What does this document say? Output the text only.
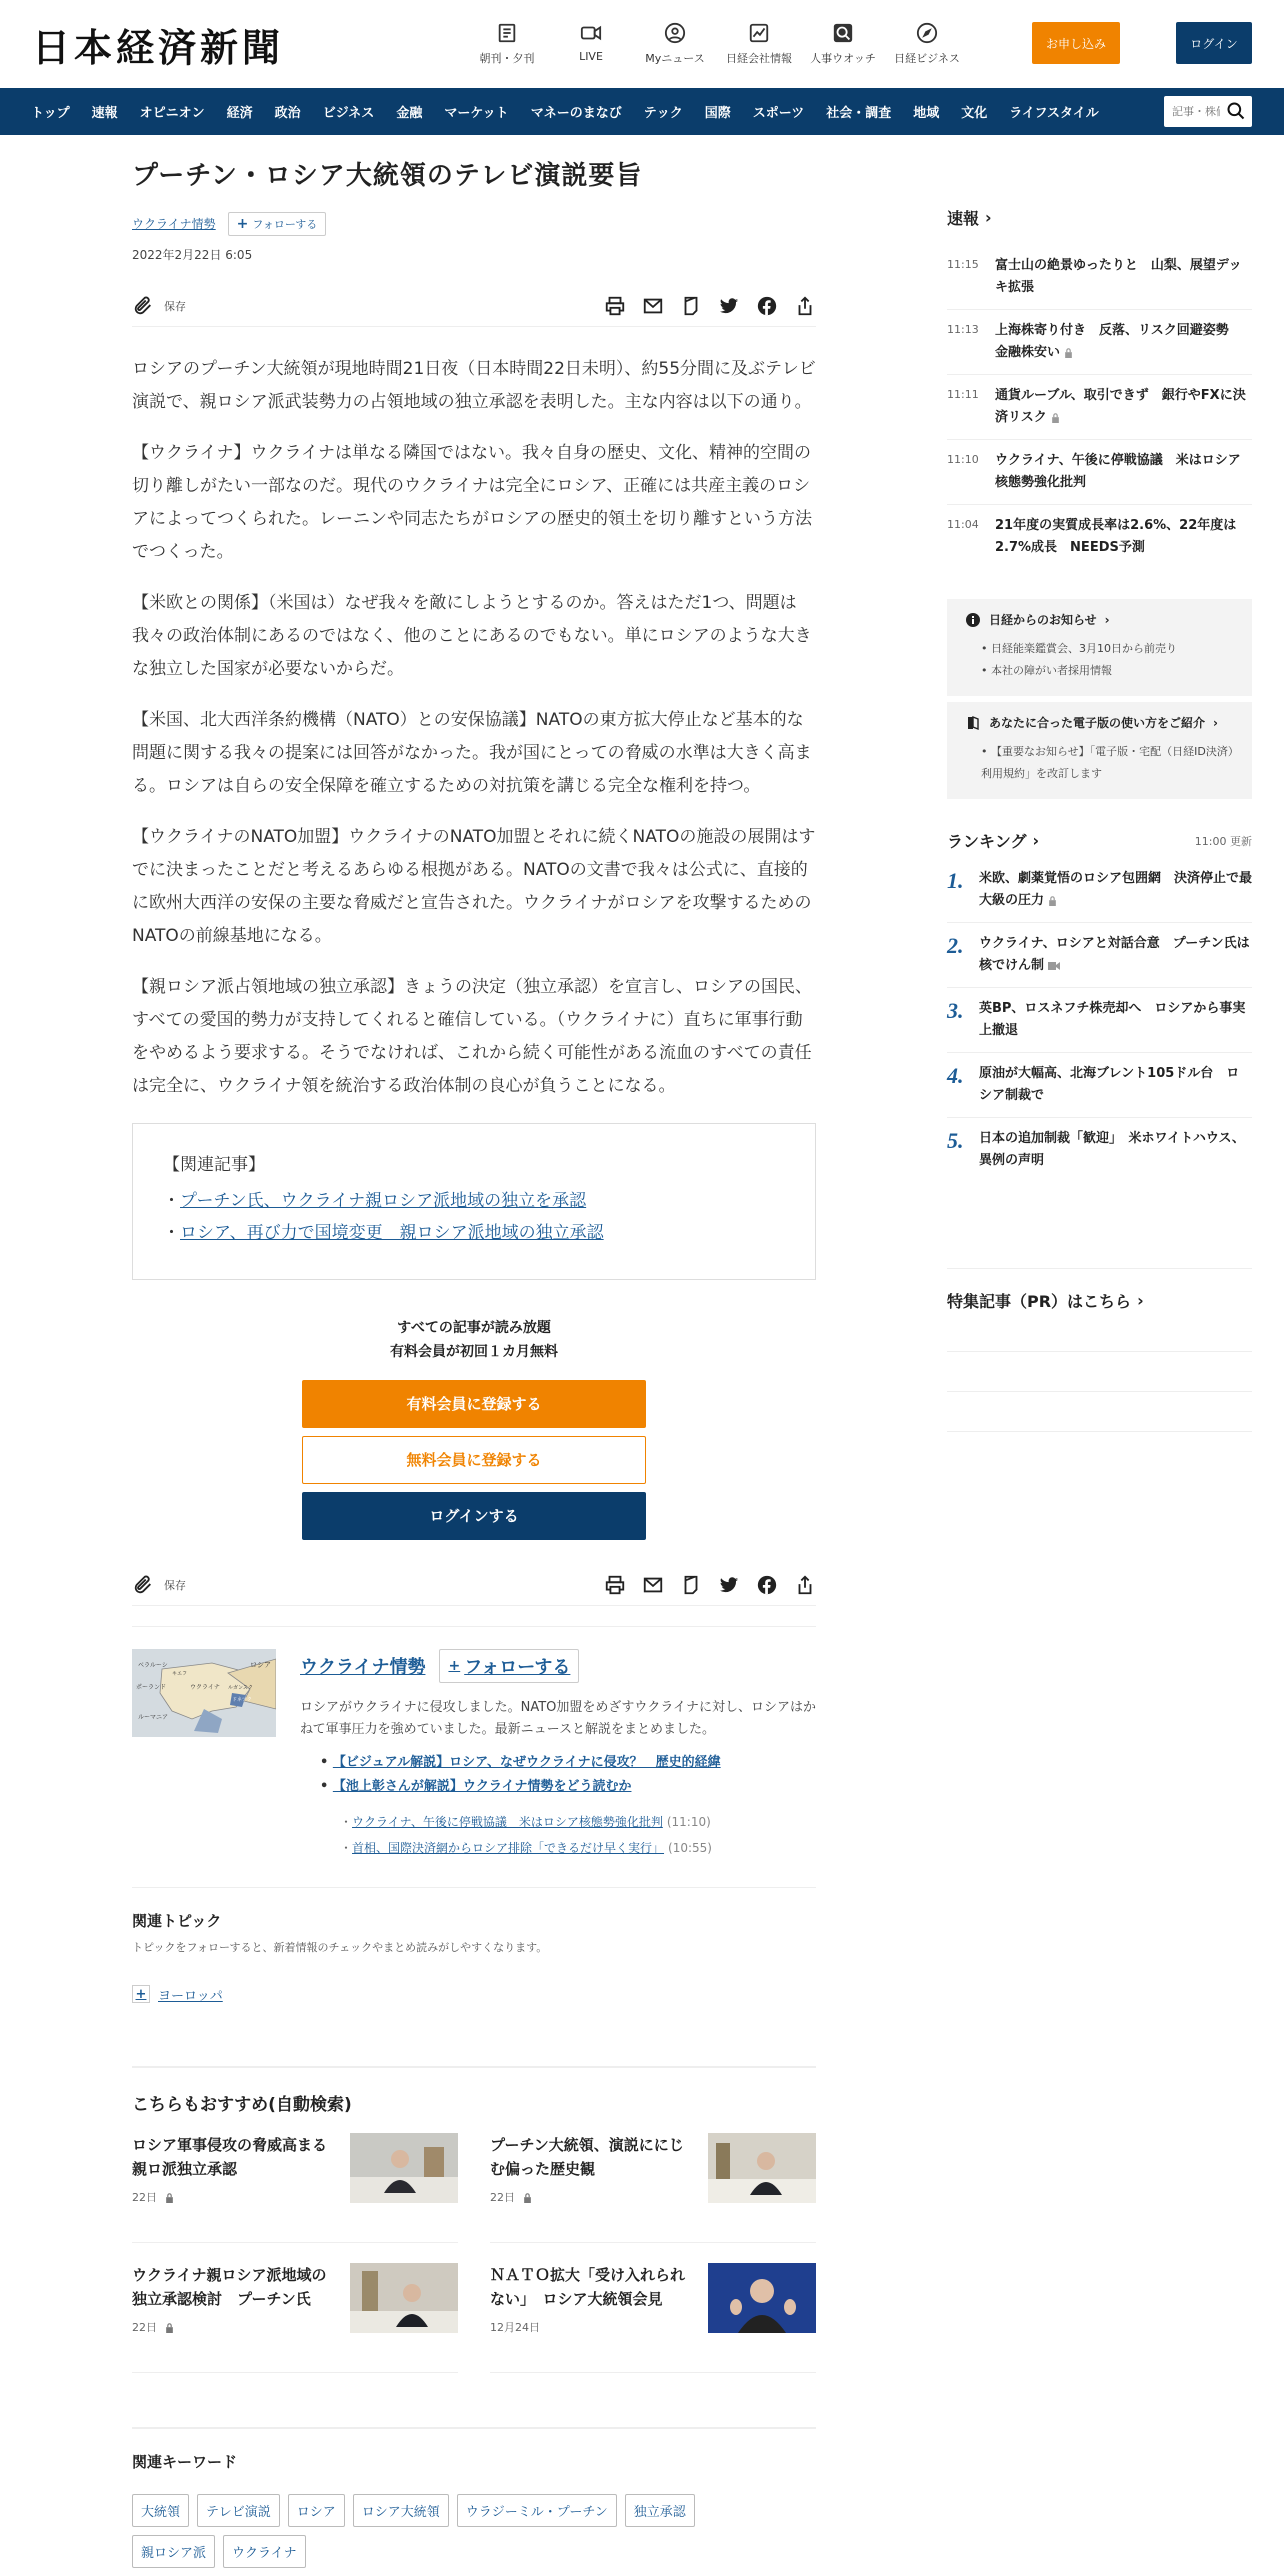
日本経済新聞	朝刊・夕刊	LIVE	Myニュース 日経会社情報 人事ウオッチ 日経ビジネス
お申し込み	ログイン
トップ	速報	オピニオン	経済	政治	ビジネス	金融	マーケット	マネーのまなび	テック	国際	スポーツ	社会・調査	地域	文化	ライフスタイル
記事・株価
プーチン・ロシア大統領のテレビ演説要旨
ウクライナ情勢 + フォローする
2022年2月22日 6:05
保存

ロシアのプーチン大統領が現地時間21日夜（日本時間22日未明）、約55分間に及ぶテレビ演説で、親ロシア派武装勢力の占領地域の独立承認を表明した。主な内容は以下の通り。

【ウクライナ】ウクライナは単なる隣国ではない。我々自身の歴史、文化、精神的空間の切り離しがたい一部なのだ。現代のウクライナは完全にロシア、正確には共産主義のロシアによってつくられた。レーニンや同志たちがロシアの歴史的領土を切り離すという方法でつくった。

【米欧との関係】（米国は）なぜ我々を敵にしようとするのか。答えはただ1つ、問題は我々の政治体制にあるのではなく、他のことにあるのでもない。単にロシアのような大きな独立した国家が必要ないからだ。

【米国、北大西洋条約機構（NATO）との安保協議】NATOの東方拡大停止など基本的な問題に関する我々の提案には回答がなかった。我が国にとっての脅威の水準は大きく高まる。ロシアは自らの安全保障を確立するための対抗策を講じる完全な権利を持つ。

【ウクライナのNATO加盟】ウクライナのNATO加盟とそれに続くNATOの施設の展開はすでに決まったことだと考えるあらゆる根拠がある。NATOの文書で我々は公式に、直接的に欧州大西洋の安保の主要な脅威だと宣告された。ウクライナがロシアを攻撃するためのNATOの前線基地になる。

【親ロシア派占領地域の独立承認】きょうの決定（独立承認）を宣言し、ロシアの国民、すべての愛国的勢力が支持してくれると確信している。（ウクライナに）直ちに軍事行動をやめるよう要求する。そうでなければ、これから続く可能性がある流血のすべての責任は完全に、ウクライナ領を統治する政治体制の良心が負うことになる。

【関連記事】
・プーチン氏、ウクライナ親ロシア派地域の独立を承認
・ロシア、再び力で国境変更　親ロシア派地域の独立承認
すべての記事が読み放題
有料会員が初回１カ月無料
有料会員に登録する
無料会員に登録する
ログインする
保存
ベラルーシ
ポーランド
ロシア
ウクライナ
キエフ
ルガンスク
ドネツク
ルーマニア
ウクライナ情勢 + フォローする
ロシアがウクライナに侵攻しました。NATO加盟をめざすウクライナに対し、ロシアはかねて軍事圧力を強めていました。最新ニュースと解説をまとめました。
• 【ビジュアル解説】ロシア、なぜウクライナに侵攻？　歴史的経緯
• 【池上彰さんが解説】ウクライナ情勢をどう読むか
・ ウクライナ、午後に停戦協議　米はロシア核態勢強化批判 (11:10)
・ 首相、国際決済網からロシア排除「できるだけ早く実行」 (10:55)
関連トピック
トピックをフォローすると、新着情報のチェックやまとめ読みがしやすくなります。
+ ヨーロッパ
こちらもおすすめ(自動検索)
ロシア軍事侵攻の脅威高まる　親ロ派独立承認
22日
プーチン大統領、演説ににじむ偏った歴史観
22日
ウクライナ親ロシア派地域の独立承認検討　プーチン氏
22日
ＮＡＴＯ拡大「受け入れられない」　ロシア大統領会見
12月24日
関連キーワード
大統領	テレビ演説	ロシア	ロシア大統領	ウラジーミル・プーチン	独立承認
親ロシア派	ウクライナ
速報 ›
11:15 富士山の絶景ゆったりと　山梨、展望デッキ拡張
11:13 上海株寄り付き　反落、リスク回避姿勢　金融株安い
11:11 通貨ルーブル、取引できず　銀行やFXに決済リスク
11:10 ウクライナ、午後に停戦協議　米はロシア核態勢強化批判
11:04 21年度の実質成長率は2.6%、22年度は2.7%成長　NEEDS予測
日経からのお知らせ ›
• 日経能楽鑑賞会、3月10日から前売り
• 本社の障がい者採用情報
あなたに合った電子版の使い方をご紹介 ›
• 【重要なお知らせ】「電子版・宅配（日経ID決済）利用規約」を改訂します
ランキング ›	11:00 更新
1. 米欧、劇薬覚悟のロシア包囲網　決済停止で最大級の圧力
2. ウクライナ、ロシアと対話合意　プーチン氏は核でけん制
3. 英BP、ロスネフチ株売却へ　ロシアから事実上撤退
4. 原油が大幅高、北海ブレント105ドル台　ロシア制裁で
5. 日本の追加制裁「歓迎」　米ホワイトハウス、異例の声明
特集記事（PR）はこちら ›
